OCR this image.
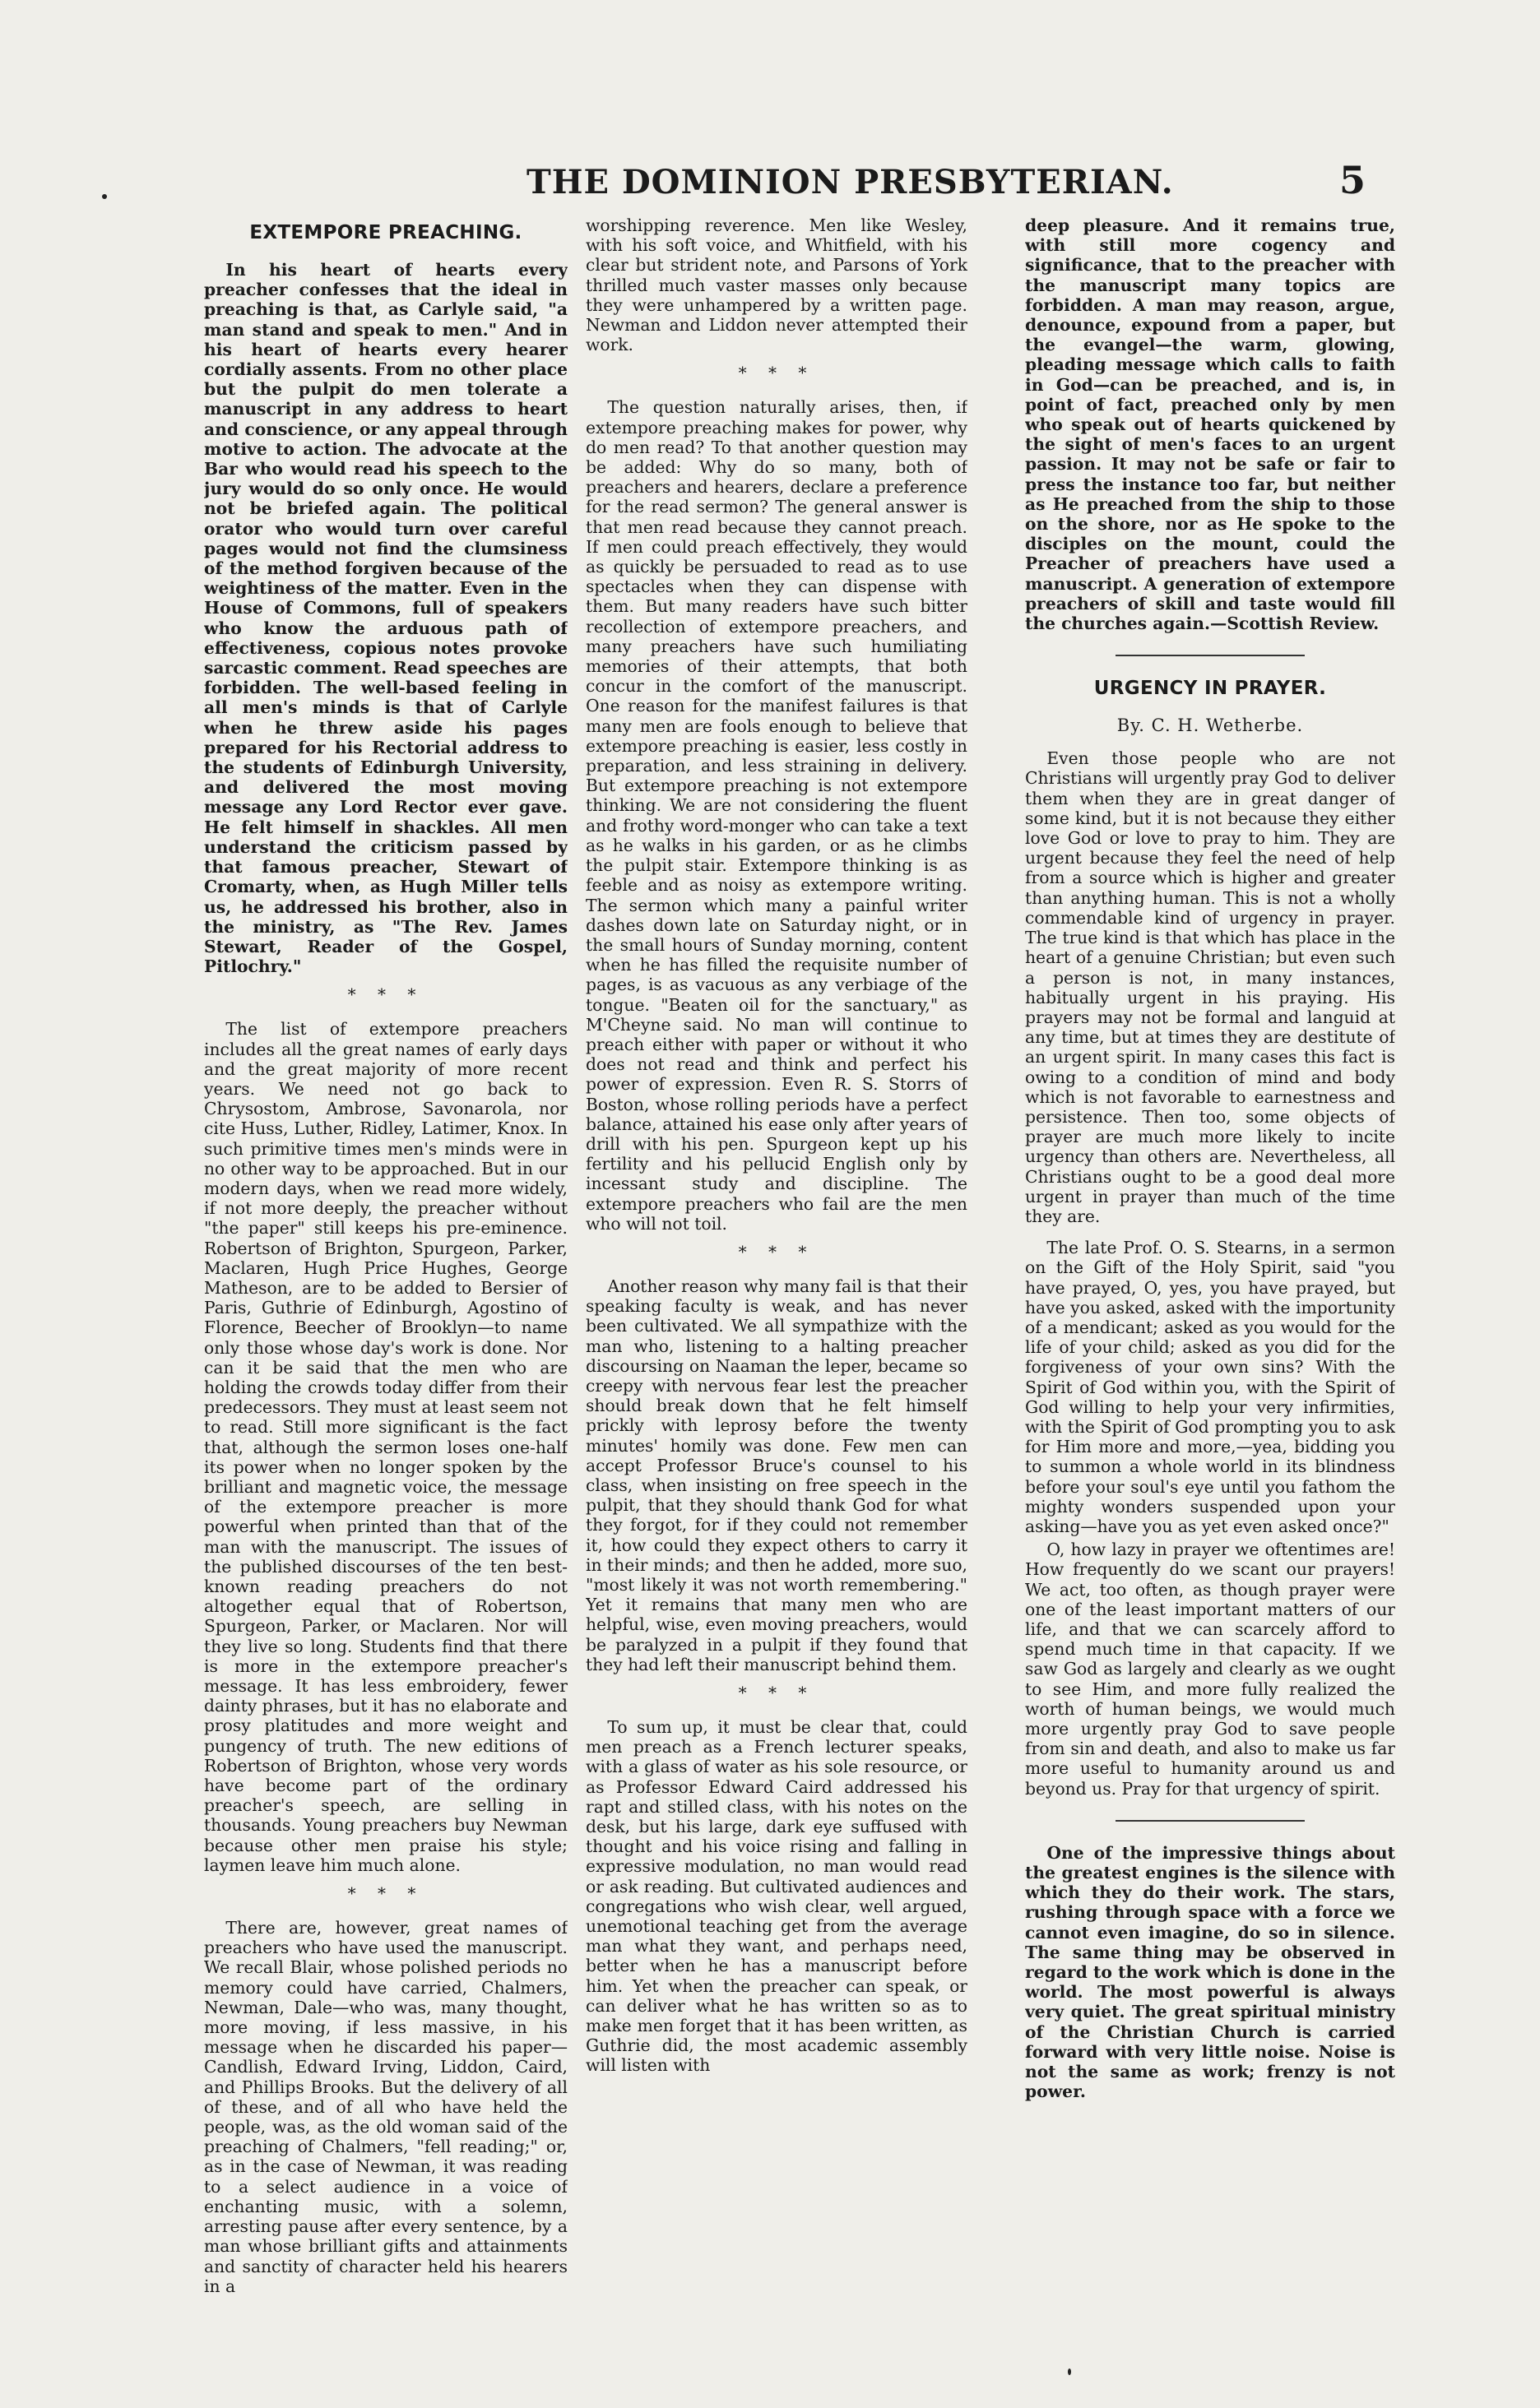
THE DOMINION PRESBYTERIAN.	5
EXTEMPORE PREACHING.

In his heart of hearts every preacher confesses that the ideal in preaching is that, as Carlyle said, "a man stand and speak to men." And in his heart of hearts every hearer cordially assents. From no other place but the pulpit do men tolerate a manuscript in any address to heart and conscience, or any appeal through motive to action. The advocate at the Bar who would read his speech to the jury would do so only once. He would not be briefed again. The political orator who would turn over careful pages would not find the clumsiness of the method forgiven because of the weightiness of the matter. Even in the House of Commons, full of speakers who know the arduous path of effectiveness, copious notes provoke sarcastic comment. Read speeches are forbidden. The well-based feeling in all men's minds is that of Carlyle when he threw aside his pages prepared for his Rectorial address to the students of Edinburgh University, and delivered the most moving message any Lord Rector ever gave. He felt himself in shackles. All men understand the criticism passed by that famous preacher, Stewart of Cromarty, when, as Hugh Miller tells us, he addressed his brother, also in the ministry, as "The Rev. James Stewart, Reader of the Gospel, Pitlochry."

* * *

The list of extempore preachers includes all the great names of early days and the great majority of more recent years. We need not go back to Chrysostom, Ambrose, Savonarola, nor cite Huss, Luther, Ridley, Latimer, Knox. In such primitive times men's minds were in no other way to be approached. But in our modern days, when we read more widely, if not more deeply, the preacher without "the paper" still keeps his pre-eminence. Robertson of Brighton, Spurgeon, Parker, Maclaren, Hugh Price Hughes, George Matheson, are to be added to Bersier of Paris, Guthrie of Edinburgh, Agostino of Florence, Beecher of Brooklyn—to name only those whose day's work is done. Nor can it be said that the men who are holding the crowds today differ from their predecessors. They must at least seem not to read. Still more significant is the fact that, although the sermon loses one-half its power when no longer spoken by the brilliant and magnetic voice, the message of the extempore preacher is more powerful when printed than that of the man with the manuscript. The issues of the published discourses of the ten best-known reading preachers do not altogether equal that of Robertson, Spurgeon, Parker, or Maclaren. Nor will they live so long. Students find that there is more in the extempore preacher's message. It has less embroidery, fewer dainty phrases, but it has no elaborate and prosy platitudes and more weight and pungency of truth. The new editions of Robertson of Brighton, whose very words have become part of the ordinary preacher's speech, are selling in thousands. Young preachers buy Newman because other men praise his style; laymen leave him much alone.

* * *

There are, however, great names of preachers who have used the manuscript. We recall Blair, whose polished periods no memory could have carried, Chalmers, Newman, Dale—who was, many thought, more moving, if less massive, in his message when he discarded his paper—Candlish, Edward Irving, Liddon, Caird, and Phillips Brooks. But the delivery of all of these, and of all who have held the people, was, as the old woman said of the preaching of Chalmers, "fell reading;" or, as in the case of Newman, it was reading to a select audience in a voice of enchanting music, with a solemn, arresting pause after every sentence, by a man whose brilliant gifts and attainments and sanctity of character held his hearers in a

worshipping reverence. Men like Wesley, with his soft voice, and Whitfield, with his clear but strident note, and Parsons of York thrilled much vaster masses only because they were unhampered by a written page. Newman and Liddon never attempted their work.

* * *

The question naturally arises, then, if extempore preaching makes for power, why do men read? To that another question may be added: Why do so many, both of preachers and hearers, declare a preference for the read sermon? The general answer is that men read because they cannot preach. If men could preach effectively, they would as quickly be persuaded to read as to use spectacles when they can dispense with them. But many readers have such bitter recollection of extempore preachers, and many preachers have such humiliating memories of their attempts, that both concur in the comfort of the manuscript. One reason for the manifest failures is that many men are fools enough to believe that extempore preaching is easier, less costly in preparation, and less straining in delivery. But extempore preaching is not extempore thinking. We are not considering the fluent and frothy word-monger who can take a text as he walks in his garden, or as he climbs the pulpit stair. Extempore thinking is as feeble and as noisy as extempore writing. The sermon which many a painful writer dashes down late on Saturday night, or in the small hours of Sunday morning, content when he has filled the requisite number of pages, is as vacuous as any verbiage of the tongue. "Beaten oil for the sanctuary," as M'Cheyne said. No man will continue to preach either with paper or without it who does not read and think and perfect his power of expression. Even R. S. Storrs of Boston, whose rolling periods have a perfect balance, attained his ease only after years of drill with his pen. Spurgeon kept up his fertility and his pellucid English only by incessant study and discipline. The extempore preachers who fail are the men who will not toil.

* * *

Another reason why many fail is that their speaking faculty is weak, and has never been cultivated. We all sympathize with the man who, listening to a halting preacher discoursing on Naaman the leper, became so creepy with nervous fear lest the preacher should break down that he felt himself prickly with leprosy before the twenty minutes' homily was done. Few men can accept Professor Bruce's counsel to his class, when insisting on free speech in the pulpit, that they should thank God for what they forgot, for if they could not remember it, how could they expect others to carry it in their minds; and then he added, more suo, "most likely it was not worth remembering." Yet it remains that many men who are helpful, wise, even moving preachers, would be paralyzed in a pulpit if they found that they had left their manuscript behind them.

* * *

To sum up, it must be clear that, could men preach as a French lecturer speaks, with a glass of water as his sole resource, or as Professor Edward Caird addressed his rapt and stilled class, with his notes on the desk, but his large, dark eye suffused with thought and his voice rising and falling in expressive modulation, no man would read or ask reading. But cultivated audiences and congregations who wish clear, well argued, unemotional teaching get from the average man what they want, and perhaps need, better when he has a manuscript before him. Yet when the preacher can speak, or can deliver what he has written so as to make men forget that it has been written, as Guthrie did, the most academic assembly will listen with

deep pleasure. And it remains true, with still more cogency and significance, that to the preacher with the manuscript many topics are forbidden. A man may reason, argue, denounce, expound from a paper, but the evangel—the warm, glowing, pleading message which calls to faith in God—can be preached, and is, in point of fact, preached only by men who speak out of hearts quickened by the sight of men's faces to an urgent passion. It may not be safe or fair to press the instance too far, but neither as He preached from the ship to those on the shore, nor as He spoke to the disciples on the mount, could the Preacher of preachers have used a manuscript. A generation of extempore preachers of skill and taste would fill the churches again.—Scottish Review.

URGENCY IN PRAYER.
By. C. H. Wetherbe.

Even those people who are not Christians will urgently pray God to deliver them when they are in great danger of some kind, but it is not because they either love God or love to pray to him. They are urgent because they feel the need of help from a source which is higher and greater than anything human. This is not a wholly commendable kind of urgency in prayer. The true kind is that which has place in the heart of a genuine Christian; but even such a person is not, in many instances, habitually urgent in his praying. His prayers may not be formal and languid at any time, but at times they are destitute of an urgent spirit. In many cases this fact is owing to a condition of mind and body which is not favorable to earnestness and persistence. Then too, some objects of prayer are much more likely to incite urgency than others are. Nevertheless, all Christians ought to be a good deal more urgent in prayer than much of the time they are.

The late Prof. O. S. Stearns, in a sermon on the Gift of the Holy Spirit, said "you have prayed, O, yes, you have prayed, but have you asked, asked with the importunity of a mendicant; asked as you would for the life of your child; asked as you did for the forgiveness of your own sins? With the Spirit of God within you, with the Spirit of God willing to help your very infirmities, with the Spirit of God prompting you to ask for Him more and more,—yea, bidding you to summon a whole world in its blindness before your soul's eye until you fathom the mighty wonders suspended upon your asking—have you as yet even asked once?"

O, how lazy in prayer we oftentimes are! How frequently do we scant our prayers! We act, too often, as though prayer were one of the least important matters of our life, and that we can scarcely afford to spend much time in that capacity. If we saw God as largely and clearly as we ought to see Him, and more fully realized the worth of human beings, we would much more urgently pray God to save people from sin and death, and also to make us far more useful to humanity around us and beyond us. Pray for that urgency of spirit.

One of the impressive things about the greatest engines is the silence with which they do their work. The stars, rushing through space with a force we cannot even imagine, do so in silence. The same thing may be observed in regard to the work which is done in the world. The most powerful is always very quiet. The great spiritual ministry of the Christian Church is carried forward with very little noise. Noise is not the same as work; frenzy is not power.
